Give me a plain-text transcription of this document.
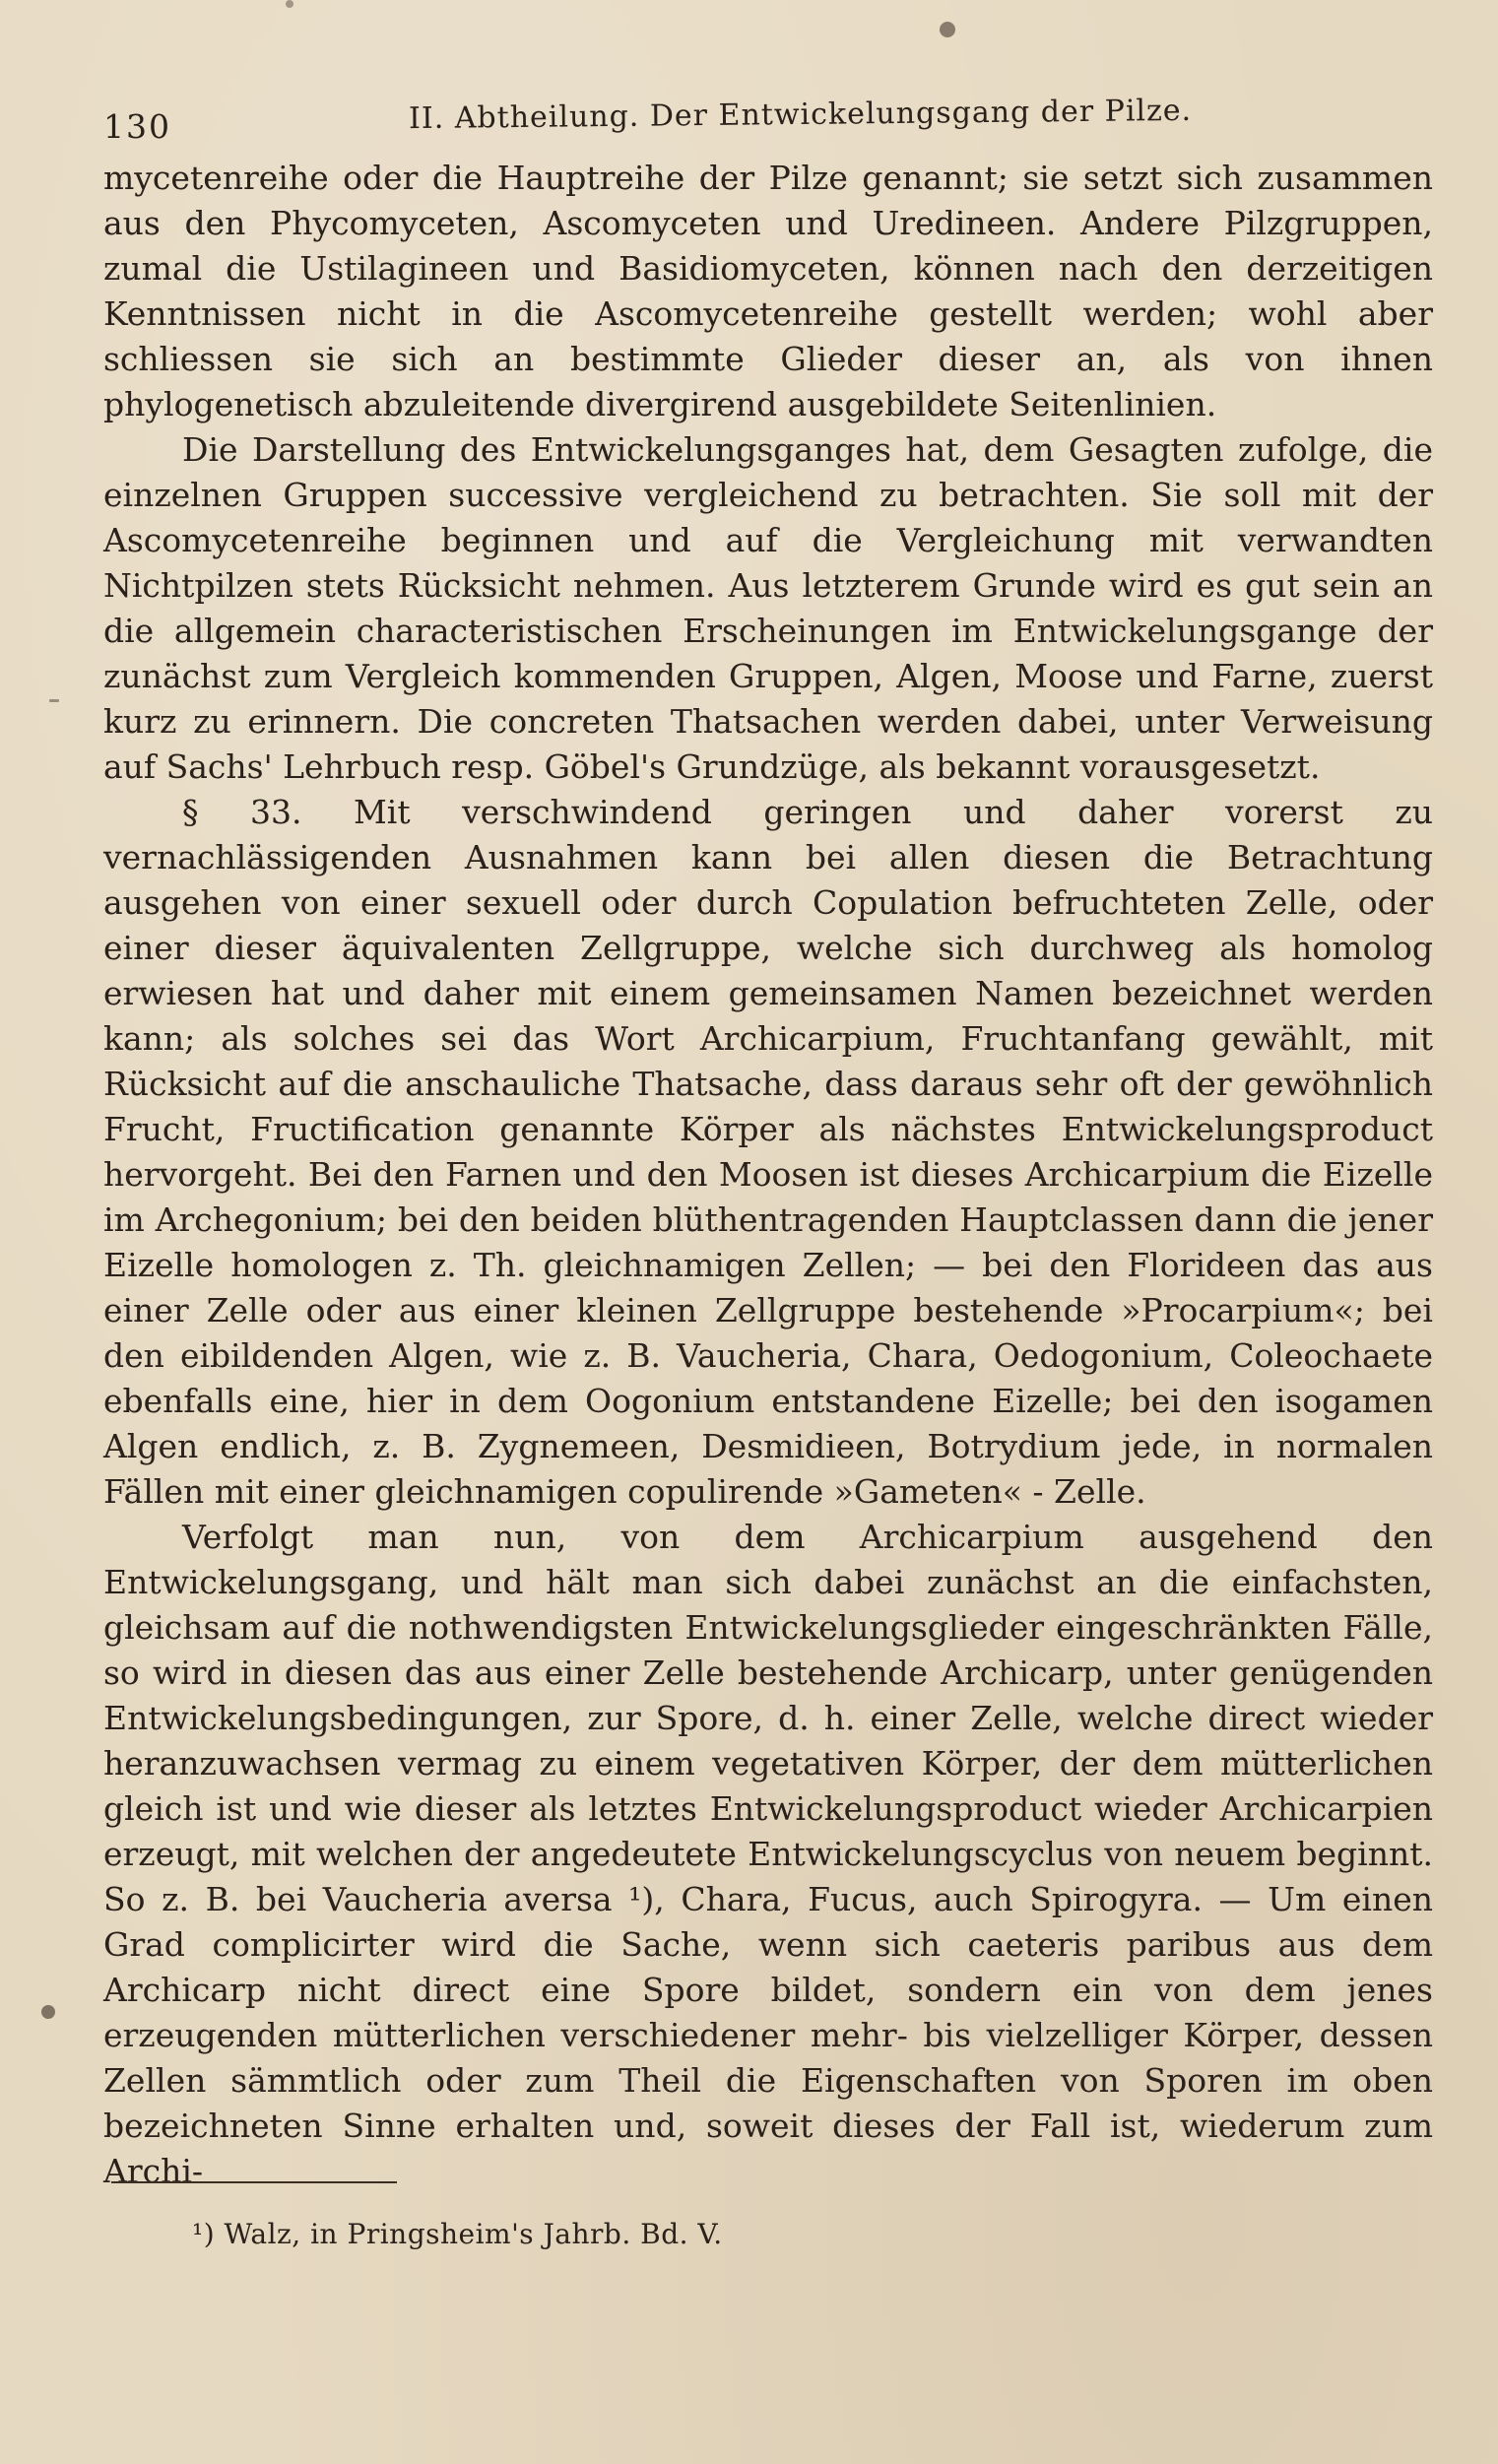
130	II. Abtheilung. Der Entwickelungsgang der Pilze.

mycetenreihe oder die Hauptreihe der Pilze genannt; sie setzt sich zusammen aus den Phycomyceten, Ascomyceten und Uredineen. Andere Pilzgruppen, zumal die Ustilagineen und Basidiomyceten, können nach den derzeitigen Kenntnissen nicht in die Ascomycetenreihe gestellt werden; wohl aber schliessen sie sich an bestimmte Glieder dieser an, als von ihnen phylogenetisch abzuleitende divergirend ausgebildete Seitenlinien.

Die Darstellung des Entwickelungsganges hat, dem Gesagten zufolge, die einzelnen Gruppen successive vergleichend zu betrachten. Sie soll mit der Ascomycetenreihe beginnen und auf die Vergleichung mit verwandten Nichtpilzen stets Rücksicht nehmen. Aus letzterem Grunde wird es gut sein an die allgemein characteristischen Erscheinungen im Entwickelungsgange der zunächst zum Vergleich kommenden Gruppen, Algen, Moose und Farne, zuerst kurz zu erinnern. Die concreten Thatsachen werden dabei, unter Verweisung auf Sachs' Lehrbuch resp. Göbel's Grundzüge, als bekannt vorausgesetzt.

§ 33. Mit verschwindend geringen und daher vorerst zu vernachlässigenden Ausnahmen kann bei allen diesen die Betrachtung ausgehen von einer sexuell oder durch Copulation befruchteten Zelle, oder einer dieser äquivalenten Zellgruppe, welche sich durchweg als homolog erwiesen hat und daher mit einem gemeinsamen Namen bezeichnet werden kann; als solches sei das Wort Archicarpium, Fruchtanfang gewählt, mit Rücksicht auf die anschauliche Thatsache, dass daraus sehr oft der gewöhnlich Frucht, Fructification genannte Körper als nächstes Entwickelungsproduct hervorgeht. Bei den Farnen und den Moosen ist dieses Archicarpium die Eizelle im Archegonium; bei den beiden blüthentragenden Hauptclassen dann die jener Eizelle homologen z. Th. gleichnamigen Zellen; — bei den Florideen das aus einer Zelle oder aus einer kleinen Zellgruppe bestehende »Procarpium«; bei den eibildenden Algen, wie z. B. Vaucheria, Chara, Oedogonium, Coleochaete ebenfalls eine, hier in dem Oogonium entstandene Eizelle; bei den isogamen Algen endlich, z. B. Zygnemeen, Desmidieen, Botrydium jede, in normalen Fällen mit einer gleichnamigen copulirende »Gameten« - Zelle.

Verfolgt man nun, von dem Archicarpium ausgehend den Entwickelungsgang, und hält man sich dabei zunächst an die einfachsten, gleichsam auf die nothwendigsten Entwickelungsglieder eingeschränkten Fälle, so wird in diesen das aus einer Zelle bestehende Archicarp, unter genügenden Entwickelungsbedingungen, zur Spore, d. h. einer Zelle, welche direct wieder heranzuwachsen vermag zu einem vegetativen Körper, der dem mütterlichen gleich ist und wie dieser als letztes Entwickelungsproduct wieder Archicarpien erzeugt, mit welchen der angedeutete Entwickelungscyclus von neuem beginnt. So z. B. bei Vaucheria aversa ¹), Chara, Fucus, auch Spirogyra. — Um einen Grad complicirter wird die Sache, wenn sich caeteris paribus aus dem Archicarp nicht direct eine Spore bildet, sondern ein von dem jenes erzeugenden mütterlichen verschiedener mehr- bis vielzelliger Körper, dessen Zellen sämmtlich oder zum Theil die Eigenschaften von Sporen im oben bezeichneten Sinne erhalten und, soweit dieses der Fall ist, wiederum zum Archi-

¹) Walz, in Pringsheim's Jahrb. Bd. V.
